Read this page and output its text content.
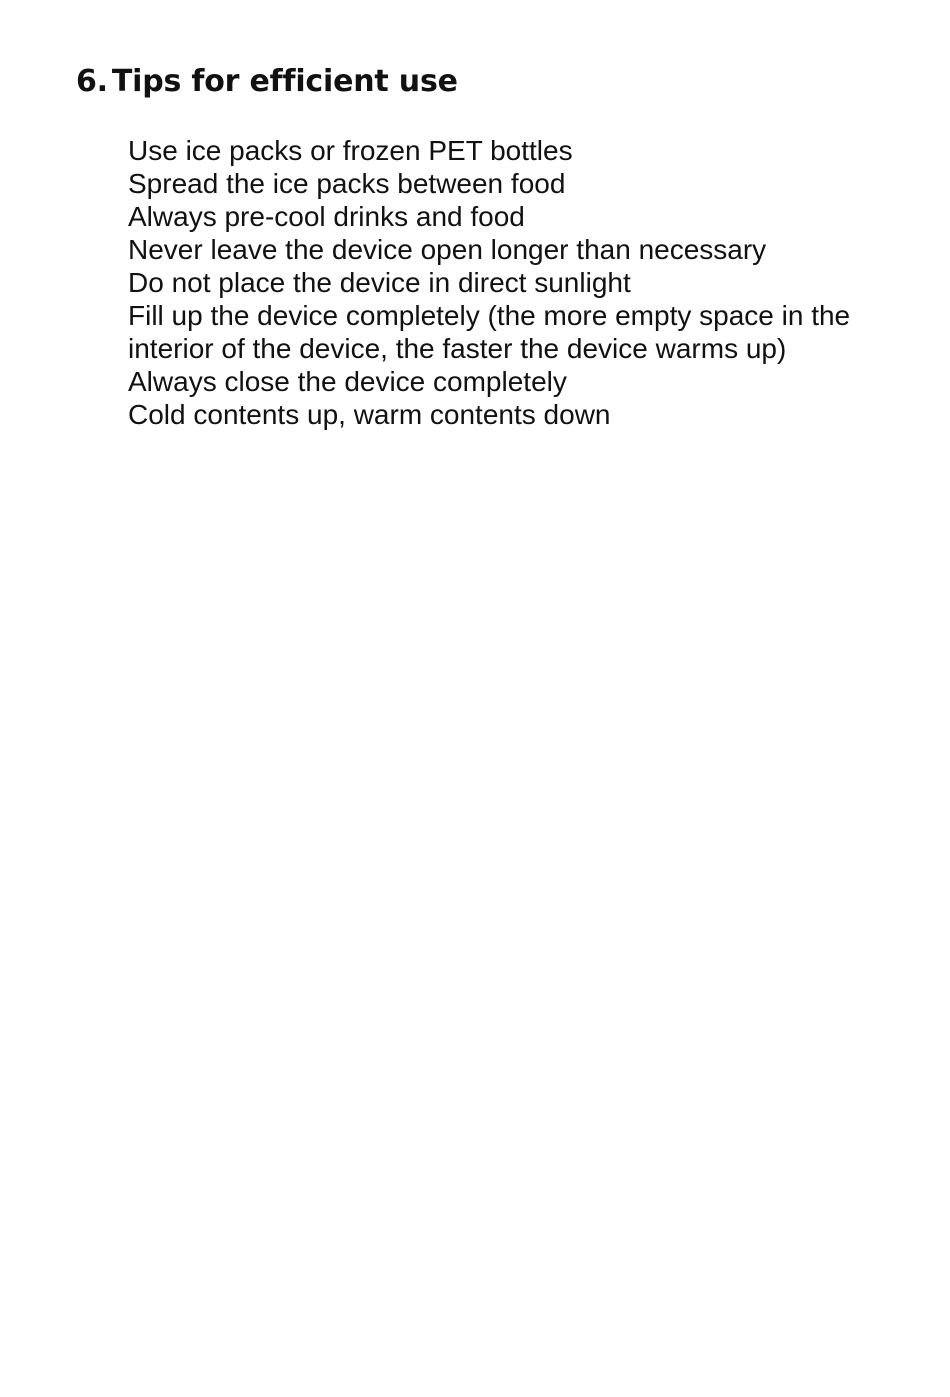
6. Tips for efficient use
Use ice packs or frozen PET bottles
Spread the ice packs between food
Always pre-cool drinks and food
Never leave the device open longer than necessary
Do not place the device in direct sunlight
Fill up the device completely (the more empty space in the interior of the device, the faster the device warms up)
Always close the device completely
Cold contents up, warm contents down
